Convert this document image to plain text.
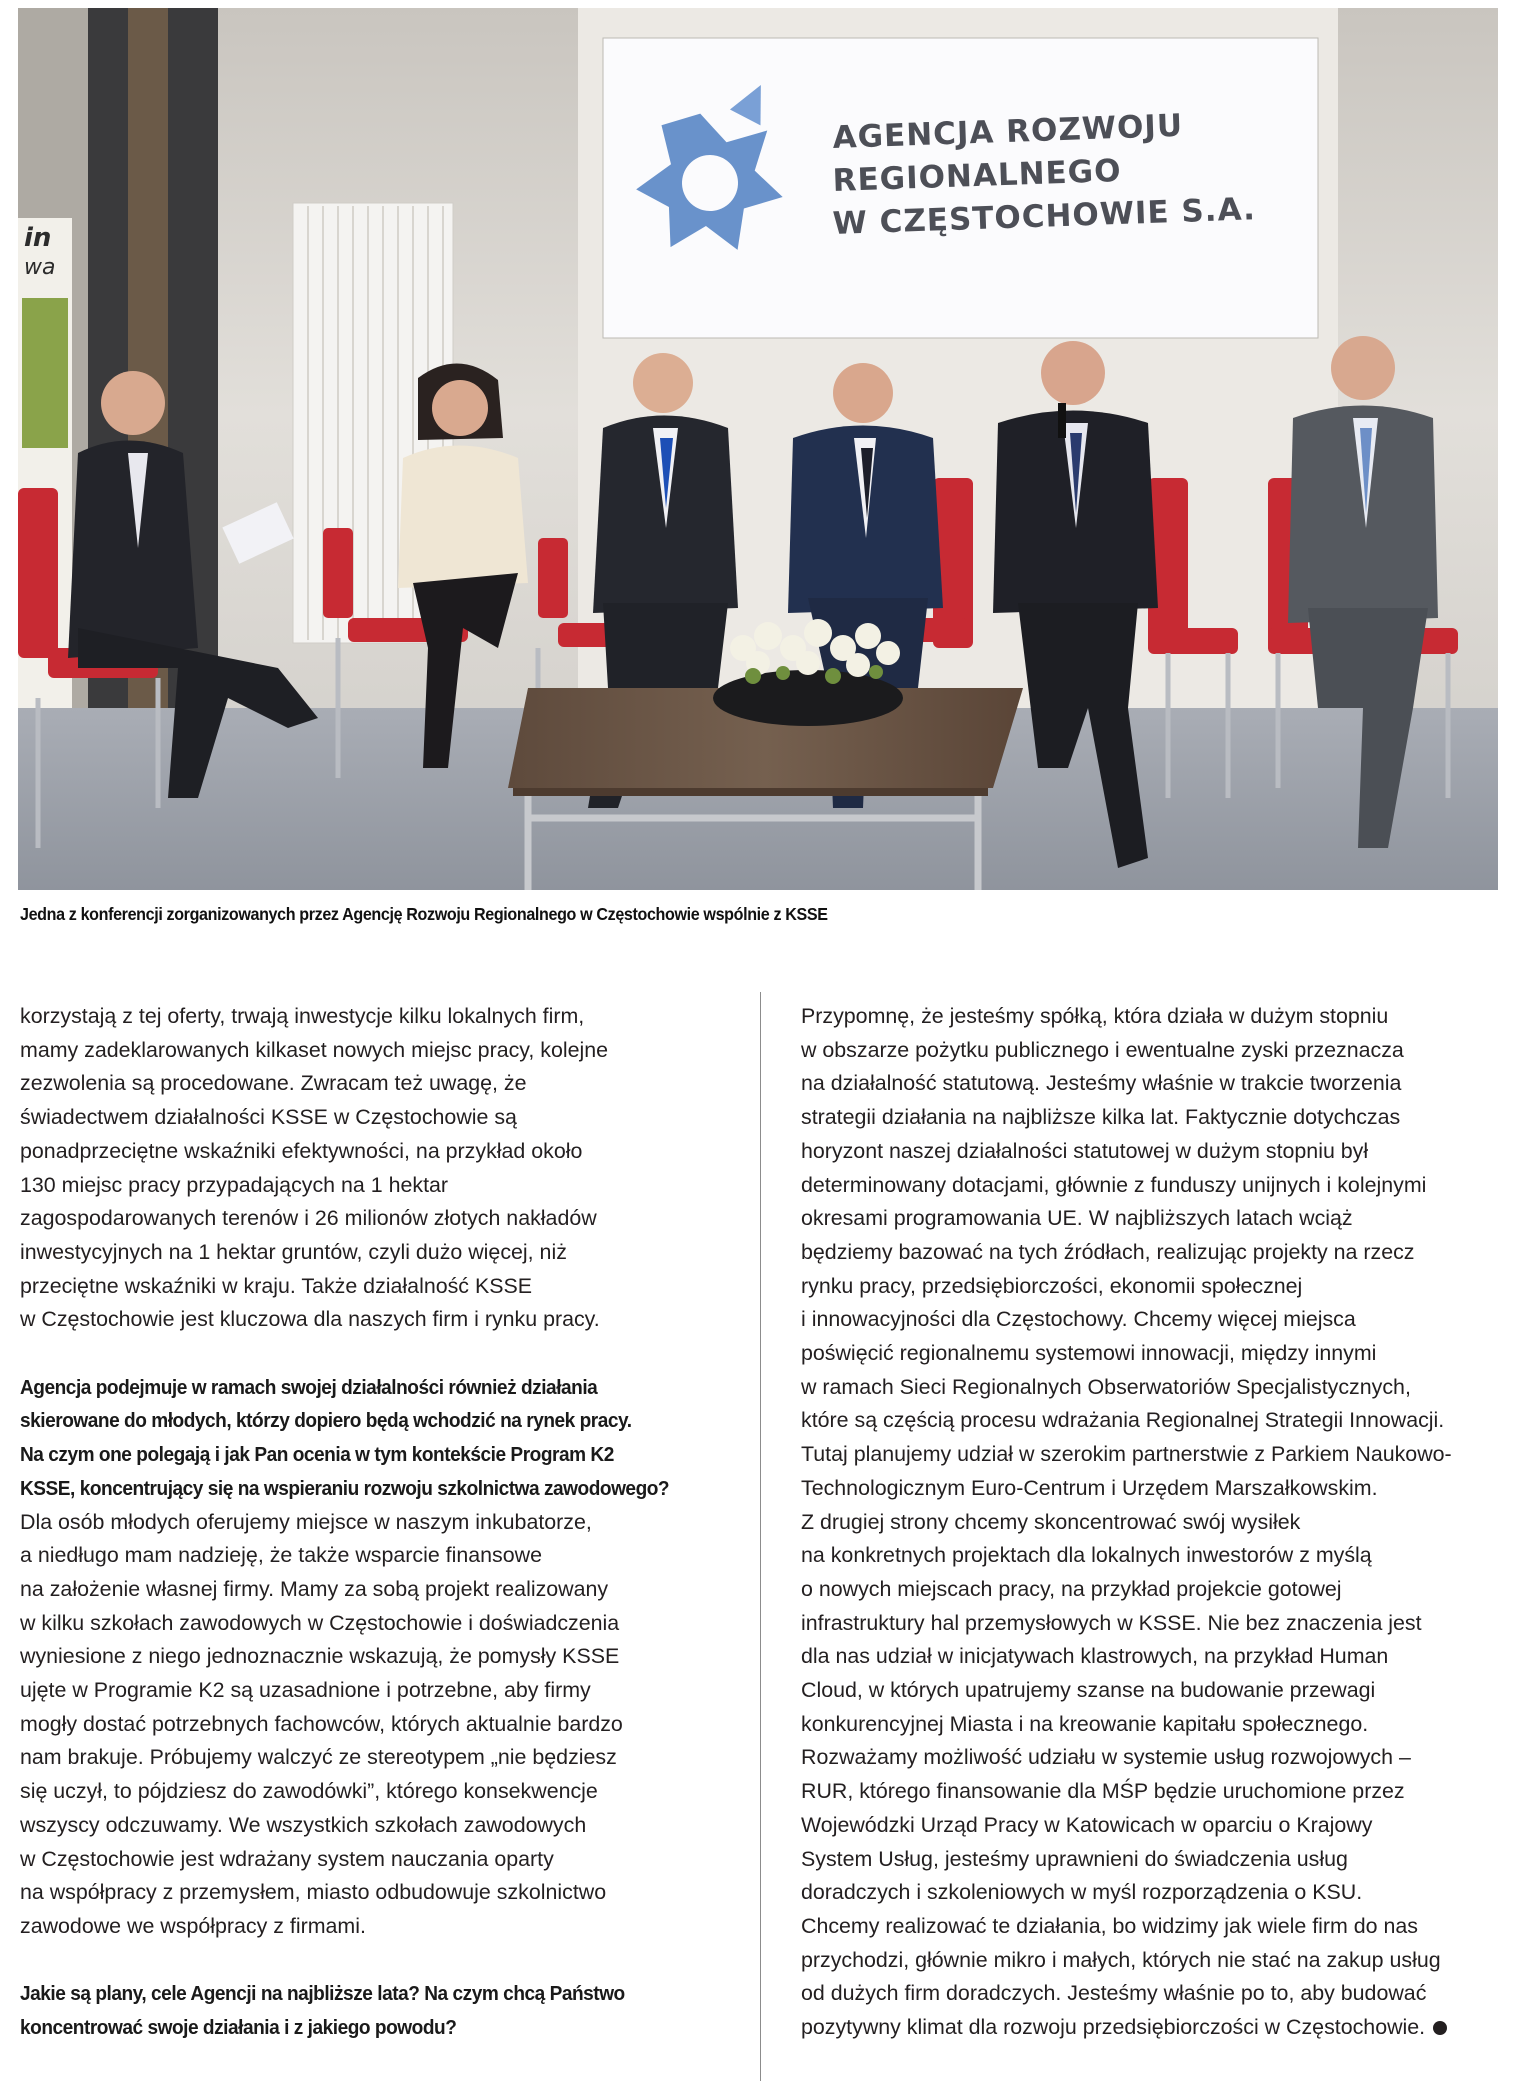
in
wa
AGENCJA ROZWOJU
REGIONALNEGO
W CZĘSTOCHOWIE S.A.
Jedna z konferencji zorganizowanych przez Agencję Rozwoju Regionalnego w Częstochowie wspólnie z KSSE
korzystają z tej oferty, trwają inwestycje kilku lokalnych firm,
mamy zadeklarowanych kilkaset nowych miejsc pracy, kolejne
zezwolenia są procedowane. Zwracam też uwagę, że
świadectwem działalności KSSE w Częstochowie są
ponadprzeciętne wskaźniki efektywności, na przykład około
130 miejsc pracy przypadających na 1 hektar
zagospodarowanych terenów i 26 milionów złotych nakładów
inwestycyjnych na 1 hektar gruntów, czyli dużo więcej, niż
przeciętne wskaźniki w kraju. Także działalność KSSE
w Częstochowie jest kluczowa dla naszych firm i rynku pracy.
Agencja podejmuje w ramach swojej działalności również działania
skierowane do młodych, którzy dopiero będą wchodzić na rynek pracy.
Na czym one polegają i jak Pan ocenia w tym kontekście Program K2
KSSE, koncentrujący się na wspieraniu rozwoju szkolnictwa zawodowego?
Dla osób młodych oferujemy miejsce w naszym inkubatorze,
a niedługo mam nadzieję, że także wsparcie finansowe
na założenie własnej firmy. Mamy za sobą projekt realizowany
w kilku szkołach zawodowych w Częstochowie i doświadczenia
wyniesione z niego jednoznacznie wskazują, że pomysły KSSE
ujęte w Programie K2 są uzasadnione i potrzebne, aby firmy
mogły dostać potrzebnych fachowców, których aktualnie bardzo
nam brakuje. Próbujemy walczyć ze stereotypem „nie będziesz
się uczył, to pójdziesz do zawodówki”, którego konsekwencje
wszyscy odczuwamy. We wszystkich szkołach zawodowych
w Częstochowie jest wdrażany system nauczania oparty
na współpracy z przemysłem, miasto odbudowuje szkolnictwo
zawodowe we współpracy z firmami.
Jakie są plany, cele Agencji na najbliższe lata? Na czym chcą Państwo
koncentrować swoje działania i z jakiego powodu?
Przypomnę, że jesteśmy spółką, która działa w dużym stopniu
w obszarze pożytku publicznego i ewentualne zyski przeznacza
na działalność statutową. Jesteśmy właśnie w trakcie tworzenia
strategii działania na najbliższe kilka lat. Faktycznie dotychczas
horyzont naszej działalności statutowej w dużym stopniu był
determinowany dotacjami, głównie z funduszy unijnych i kolejnymi
okresami programowania UE. W najbliższych latach wciąż
będziemy bazować na tych źródłach, realizując projekty na rzecz
rynku pracy, przedsiębiorczości, ekonomii społecznej
i innowacyjności dla Częstochowy. Chcemy więcej miejsca
poświęcić regionalnemu systemowi innowacji, między innymi
w ramach Sieci Regionalnych Obserwatoriów Specjalistycznych,
które są częścią procesu wdrażania Regionalnej Strategii Innowacji.
Tutaj planujemy udział w szerokim partnerstwie z Parkiem Naukowo-
Technologicznym Euro-Centrum i Urzędem Marszałkowskim.
Z drugiej strony chcemy skoncentrować swój wysiłek
na konkretnych projektach dla lokalnych inwestorów z myślą
o nowych miejscach pracy, na przykład projekcie gotowej
infrastruktury hal przemysłowych w KSSE. Nie bez znaczenia jest
dla nas udział w inicjatywach klastrowych, na przykład Human
Cloud, w których upatrujemy szanse na budowanie przewagi
konkurencyjnej Miasta i na kreowanie kapitału społecznego.
Rozważamy możliwość udziału w systemie usług rozwojowych –
RUR, którego finansowanie dla MŚP będzie uruchomione przez
Wojewódzki Urząd Pracy w Katowicach w oparciu o Krajowy
System Usług, jesteśmy uprawnieni do świadczenia usług
doradczych i szkoleniowych w myśl rozporządzenia o KSU.
Chcemy realizować te działania, bo widzimy jak wiele firm do nas
przychodzi, głównie mikro i małych, których nie stać na zakup usług
od dużych firm doradczych. Jesteśmy właśnie po to, aby budować
pozytywny klimat dla rozwoju przedsiębiorczości w Częstochowie.
